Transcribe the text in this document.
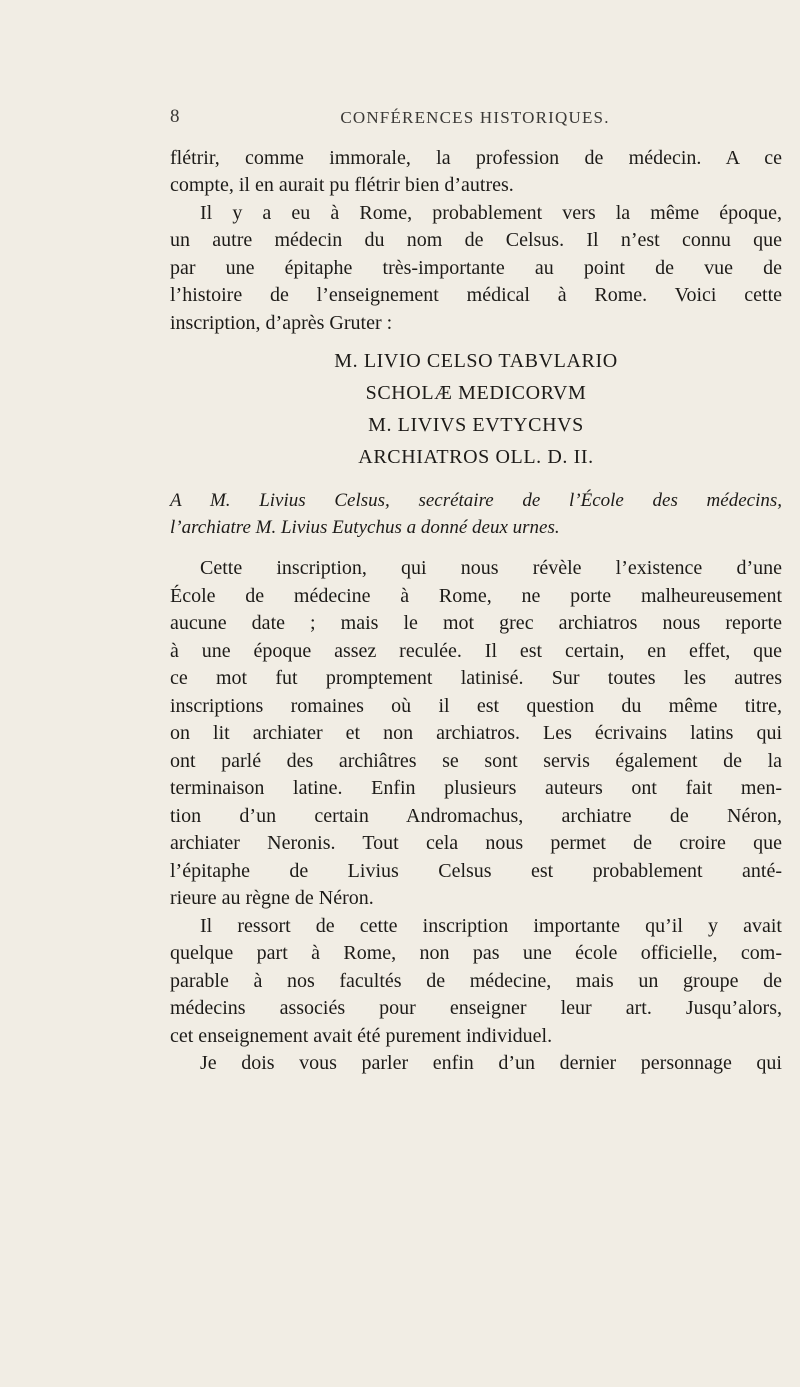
8	CONFÉRENCES HISTORIQUES.
flétrir, comme immorale, la profession de médecin. A ce
compte, il en aurait pu flétrir bien d’autres.
Il y a eu à Rome, probablement vers la même époque,
un autre médecin du nom de Celsus. Il n’est connu que
par une épitaphe très-importante au point de vue de
l’histoire de l’enseignement médical à Rome. Voici cette
inscription, d’après Gruter :
M. LIVIO CELSO TABVLARIO
SCHOLÆ MEDICORVM
M. LIVIVS EVTYCHVS
ARCHIATROS OLL. D. II.
A M. Livius Celsus, secrétaire de l’École des médecins,
l’archiatre M. Livius Eutychus a donné deux urnes.
Cette inscription, qui nous révèle l’existence d’une
École de médecine à Rome, ne porte malheureusement
aucune date ; mais le mot grec archiatros nous reporte
à une époque assez reculée. Il est certain, en effet, que
ce mot fut promptement latinisé. Sur toutes les autres
inscriptions romaines où il est question du même titre,
on lit archiater et non archiatros. Les écrivains latins qui
ont parlé des archiâtres se sont servis également de la
terminaison latine. Enfin plusieurs auteurs ont fait men-
tion d’un certain Andromachus, archiatre de Néron,
archiater Neronis. Tout cela nous permet de croire que
l’épitaphe de Livius Celsus est probablement anté-
rieure au règne de Néron.
Il ressort de cette inscription importante qu’il y avait
quelque part à Rome, non pas une école officielle, com-
parable à nos facultés de médecine, mais un groupe de
médecins associés pour enseigner leur art. Jusqu’alors,
cet enseignement avait été purement individuel.
Je dois vous parler enfin d’un dernier personnage qui
